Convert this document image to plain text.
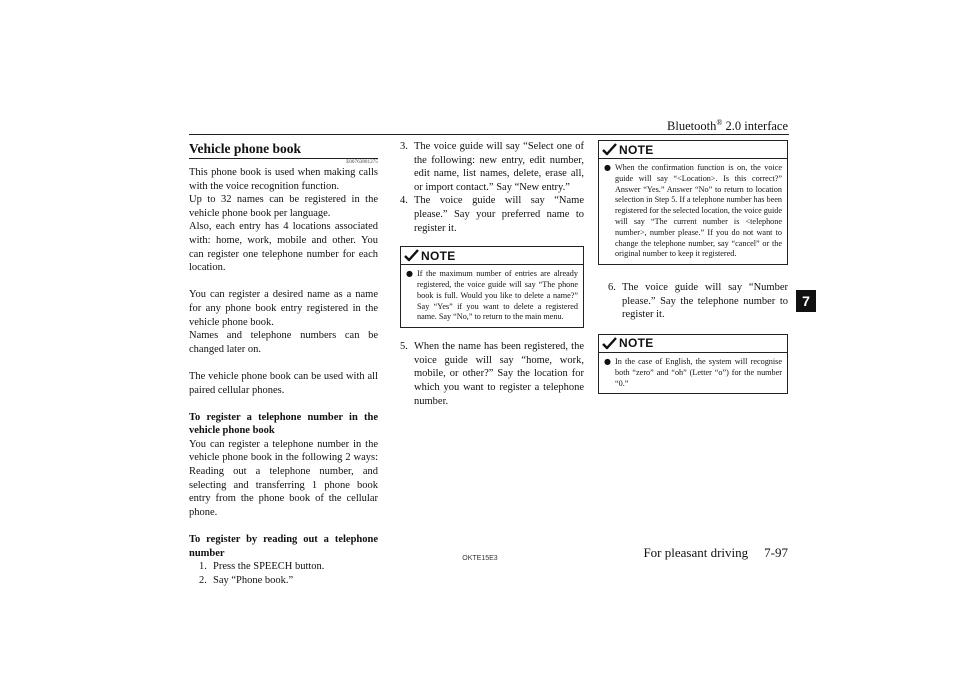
Bluetooth® 2.0 interface
7
Vehicle phone book
E00763801275

This phone book is used when making calls with the voice recognition function.

Up to 32 names can be registered in the vehicle phone book per language.

Also, each entry has 4 locations associated with: home, work, mobile and other. You can register one telephone number for each location.

You can register a desired name as a name for any phone book entry registered in the vehicle phone book.

Names and telephone numbers can be changed later on.

The vehicle phone book can be used with all paired cellular phones.

To register a telephone number in the vehicle phone book

You can register a telephone number in the vehicle phone book in the following 2 ways: Reading out a telephone number, and selecting and transferring 1 phone book entry from the phone book of the cellular phone.

To register by reading out a telephone number

1. Press the SPEECH button.
2. Say “Phone book.”
3. The voice guide will say “Select one of the following: new entry, edit number, edit name, list names, delete, erase all, or import contact.” Say “New entry.”
4. The voice guide will say “Name please.” Say your preferred name to register it.
NOTE
● If the maximum number of entries are already registered, the voice guide will say “The phone book is full. Would you like to delete a name?” Say “Yes” if you want to delete a registered name. Say “No,” to return to the main menu.
5. When the name has been registered, the voice guide will say “home, work, mobile, or other?” Say the location for which you want to register a telephone number.
NOTE
● When the confirmation function is on, the voice guide will say “<Location>. Is this correct?” Answer “Yes.” Answer “No” to return to location selection in Step 5. If a telephone number has been registered for the selected location, the voice guide will say “The current number is <telephone number>, number please.” If you do not want to change the telephone number, say “cancel” or the original number to keep it registered.
6. The voice guide will say “Number please.” Say the telephone number to register it.
NOTE
● In the case of English, the system will recognise both “zero” and “oh” (Letter “o”) for the number “0.”
OKTE15E3	For pleasant driving 7-97
